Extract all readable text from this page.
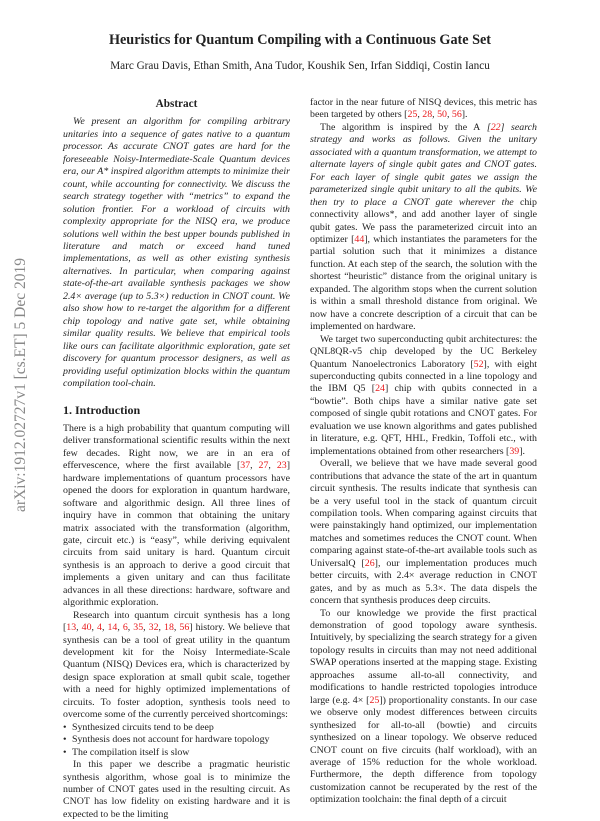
arXiv:1912.02727v1 [cs.ET] 5 Dec 2019
Heuristics for Quantum Compiling with a Continuous Gate Set
Marc Grau Davis, Ethan Smith, Ana Tudor, Koushik Sen, Irfan Siddiqi, Costin Iancu
Abstract

We present an algorithm for compiling arbitrary unitaries into a sequence of gates native to a quantum processor. As accurate CNOT gates are hard for the foreseeable Noisy-Intermediate-Scale Quantum devices era, our A* inspired algorithm attempts to minimize their count, while accounting for connectivity. We discuss the search strategy together with “metrics” to expand the solution frontier. For a workload of circuits with complexity appropriate for the NISQ era, we produce solutions well within the best upper bounds published in literature and match or exceed hand tuned implementations, as well as other existing synthesis alternatives. In particular, when comparing against state-of-the-art available synthesis packages we show 2.4× average (up to 5.3×) reduction in CNOT count. We also show how to re-target the algorithm for a different chip topology and native gate set, while obtaining similar quality results. We believe that empirical tools like ours can facilitate algorithmic exploration, gate set discovery for quantum processor designers, as well as providing useful optimization blocks within the quantum compilation tool-chain.

1. Introduction

There is a high probability that quantum computing will deliver transformational scientific results within the next few decades. Right now, we are in an era of effervescence, where the first available [37, 27, 23] hardware implementations of quantum processors have opened the doors for exploration in quantum hardware, software and algorithmic design. All three lines of inquiry have in common that obtaining the unitary matrix associated with the transformation (algorithm, gate, circuit etc.) is “easy”, while deriving equivalent circuits from said unitary is hard. Quantum circuit synthesis is an approach to derive a good circuit that implements a given unitary and can thus facilitate advances in all these directions: hardware, software and algorithmic exploration.

Research into quantum circuit synthesis has a long [13, 40, 4, 14, 6, 35, 32, 18, 56] history. We believe that synthesis can be a tool of great utility in the quantum development kit for the Noisy Intermediate-Scale Quantum (NISQ) Devices era, which is characterized by design space exploration at small qubit scale, together with a need for highly optimized implementations of circuits. To foster adoption, synthesis tools need to overcome some of the currently perceived shortcomings:

• Synthesized circuits tend to be deep
• Synthesis does not account for hardware topology
• The compilation itself is slow

In this paper we describe a pragmatic heuristic synthesis algorithm, whose goal is to minimize the number of CNOT gates used in the resulting circuit. As CNOT has low fidelity on existing hardware and it is expected to be the limiting

factor in the near future of NISQ devices, this metric has been targeted by others [25, 28, 50, 56].

The algorithm is inspired by the A [22] search strategy and works as follows. Given the unitary associated with a quantum transformation, we attempt to alternate layers of single qubit gates and CNOT gates. For each layer of single qubit gates we assign the parameterized single qubit unitary to all the qubits. We then try to place a CNOT gate wherever the chip connectivity allows*, and add another layer of single qubit gates. We pass the parameterized circuit into an optimizer [44], which instantiates the parameters for the partial solution such that it minimizes a distance function. At each step of the search, the solution with the shortest “heuristic” distance from the original unitary is expanded. The algorithm stops when the current solution is within a small threshold distance from original. We now have a concrete description of a circuit that can be implemented on hardware.

We target two superconducting qubit architectures: the QNL8QR-v5 chip developed by the UC Berkeley Quantum Nanoelectronics Laboratory [52], with eight superconducting qubits connected in a line topology and the IBM Q5 [24] chip with qubits connected in a “bowtie”. Both chips have a similar native gate set composed of single qubit rotations and CNOT gates. For evaluation we use known algorithms and gates published in literature, e.g. QFT, HHL, Fredkin, Toffoli etc., with implementations obtained from other researchers [39].

Overall, we believe that we have made several good contributions that advance the state of the art in quantum circuit synthesis. The results indicate that synthesis can be a very useful tool in the stack of quantum circuit compilation tools. When comparing against circuits that were painstakingly hand optimized, our implementation matches and sometimes reduces the CNOT count. When comparing against state-of-the-art available tools such as UniversalQ [26], our implementation produces much better circuits, with 2.4× average reduction in CNOT gates, and by as much as 5.3×. The data dispels the concern that synthesis produces deep circuits.

To our knowledge we provide the first practical demonstration of good topology aware synthesis. Intuitively, by specializing the search strategy for a given topology results in circuits than may not need additional SWAP operations inserted at the mapping stage. Existing approaches assume all-to-all connectivity, and modifications to handle restricted topologies introduce large (e.g. 4× [25]) proportionality constants. In our case we observe only modest differences between circuits synthesized for all-to-all (bowtie) and circuits synthesized on a linear topology. We observe reduced CNOT count on five circuits (half workload), with an average of 15% reduction for the whole workload. Furthermore, the depth difference from topology customization cannot be recuperated by the rest of the optimization toolchain: the final depth of a circuit
